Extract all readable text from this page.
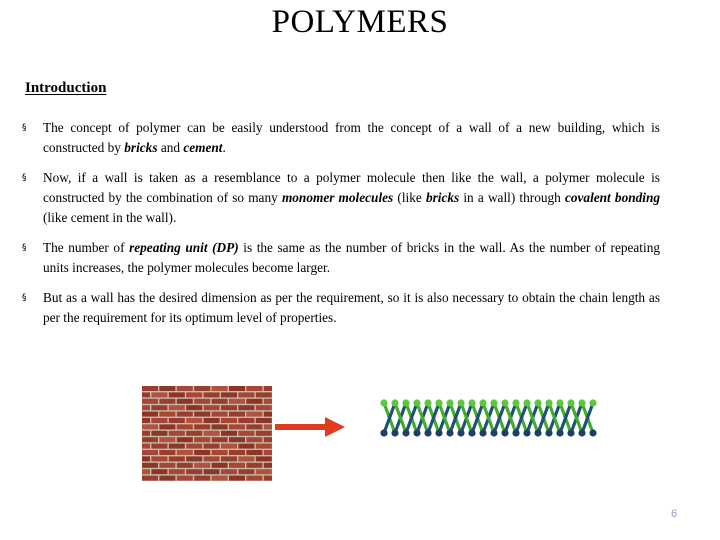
POLYMERS
Introduction
§ The concept of polymer can be easily understood from the concept of a wall of a new building, which is constructed by bricks and cement.
§ Now, if a wall is taken as a resemblance to a polymer molecule then like the wall, a polymer molecule is constructed by the combination of so many monomer molecules (like bricks in a wall) through covalent bonding (like cement in the wall).
§ The number of repeating unit (DP) is the same as the number of bricks in the wall. As the number of repeating units increases, the polymer molecules become larger.
§ But as a wall has the desired dimension as per the requirement, so it is also necessary to obtain the chain length as per the requirement for its optimum level of properties.
6
